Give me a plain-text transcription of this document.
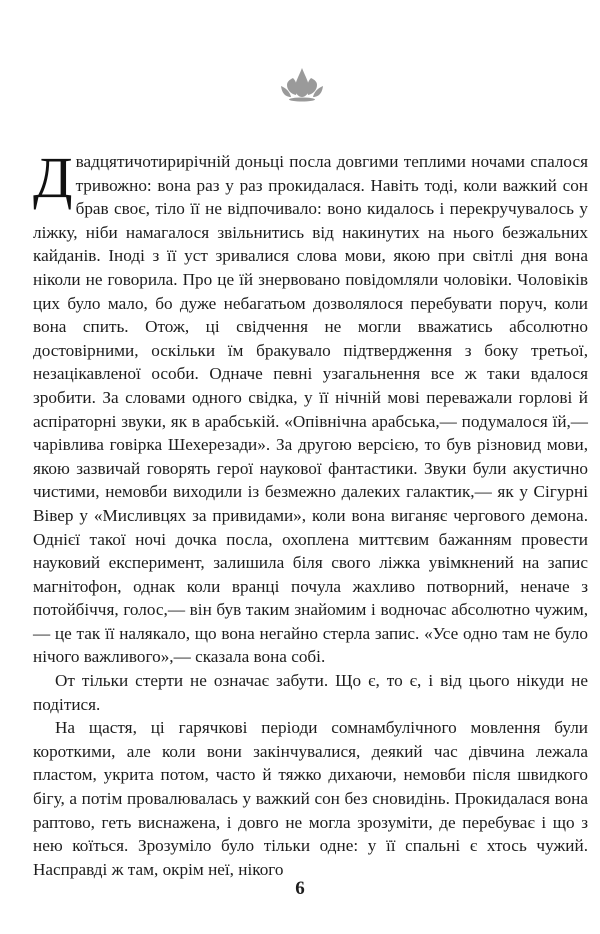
Двадцятичотирирічній доньці посла довгими теплими ночами спалося тривожно: вона раз у раз прокидалася. Навіть тоді, коли важкий сон брав своє, тіло її не відпочивало: воно кидалось і перекручувалось у ліжку, ніби намагалося звільнитись від накинутих на нього безжальних кайданів. Іноді з її уст зривалися слова мови, якою при світлі дня вона ніколи не говорила. Про це їй знервовано повідомляли чоловіки. Чоловіків цих було мало, бо дуже небагатьом дозволялося перебувати поруч, коли вона спить. Отож, ці свідчення не могли вважатись абсолютно достовірними, оскільки їм бракувало підтвердження з боку третьої, незацікавленої особи. Одначе певні узагальнення все ж таки вдалося зробити. За словами одного свідка, у її нічній мові переважали горлові й аспіраторні звуки, як в арабській. «Опівнічна арабська,— подумалося їй,— чарівлива говірка Шехерезади». За другою версією, то був різновид мови, якою зазвичай говорять герої наукової фантастики. Звуки були акустично чистими, немовби виходили із безмежно далеких галактик,— як у Сігурні Вівер у «Мисливцях за привидами», коли вона виганяє чергового демона. Однієї такої ночі дочка посла, охоплена миттєвим бажанням провести науковий експеримент, залишила біля свого ліжка увімкнений на запис магнітофон, однак коли вранці почула жахливо потворний, неначе з потойбіччя, голос,— він був таким знайомим і водночас абсолютно чужим,— це так її налякало, що вона негайно стерла запис. «Усе одно там не було нічого важливого»,— сказала вона собі.

От тільки стерти не означає забути. Що є, то є, і від цього нікуди не подітися.

На щастя, ці гарячкові періоди сомнамбулічного мовлення були короткими, але коли вони закінчувалися, деякий час дівчина лежала пластом, укрита потом, часто й тяжко дихаючи, немовби після швидкого бігу, а потім провалювалась у важкий сон без сновидінь. Прокидалася вона раптово, геть виснажена, і довго не могла зрозуміти, де перебуває і що з нею коїться. Зрозуміло було тільки одне: у її спальні є хтось чужий. Насправді ж там, окрім неї, нікого

6
